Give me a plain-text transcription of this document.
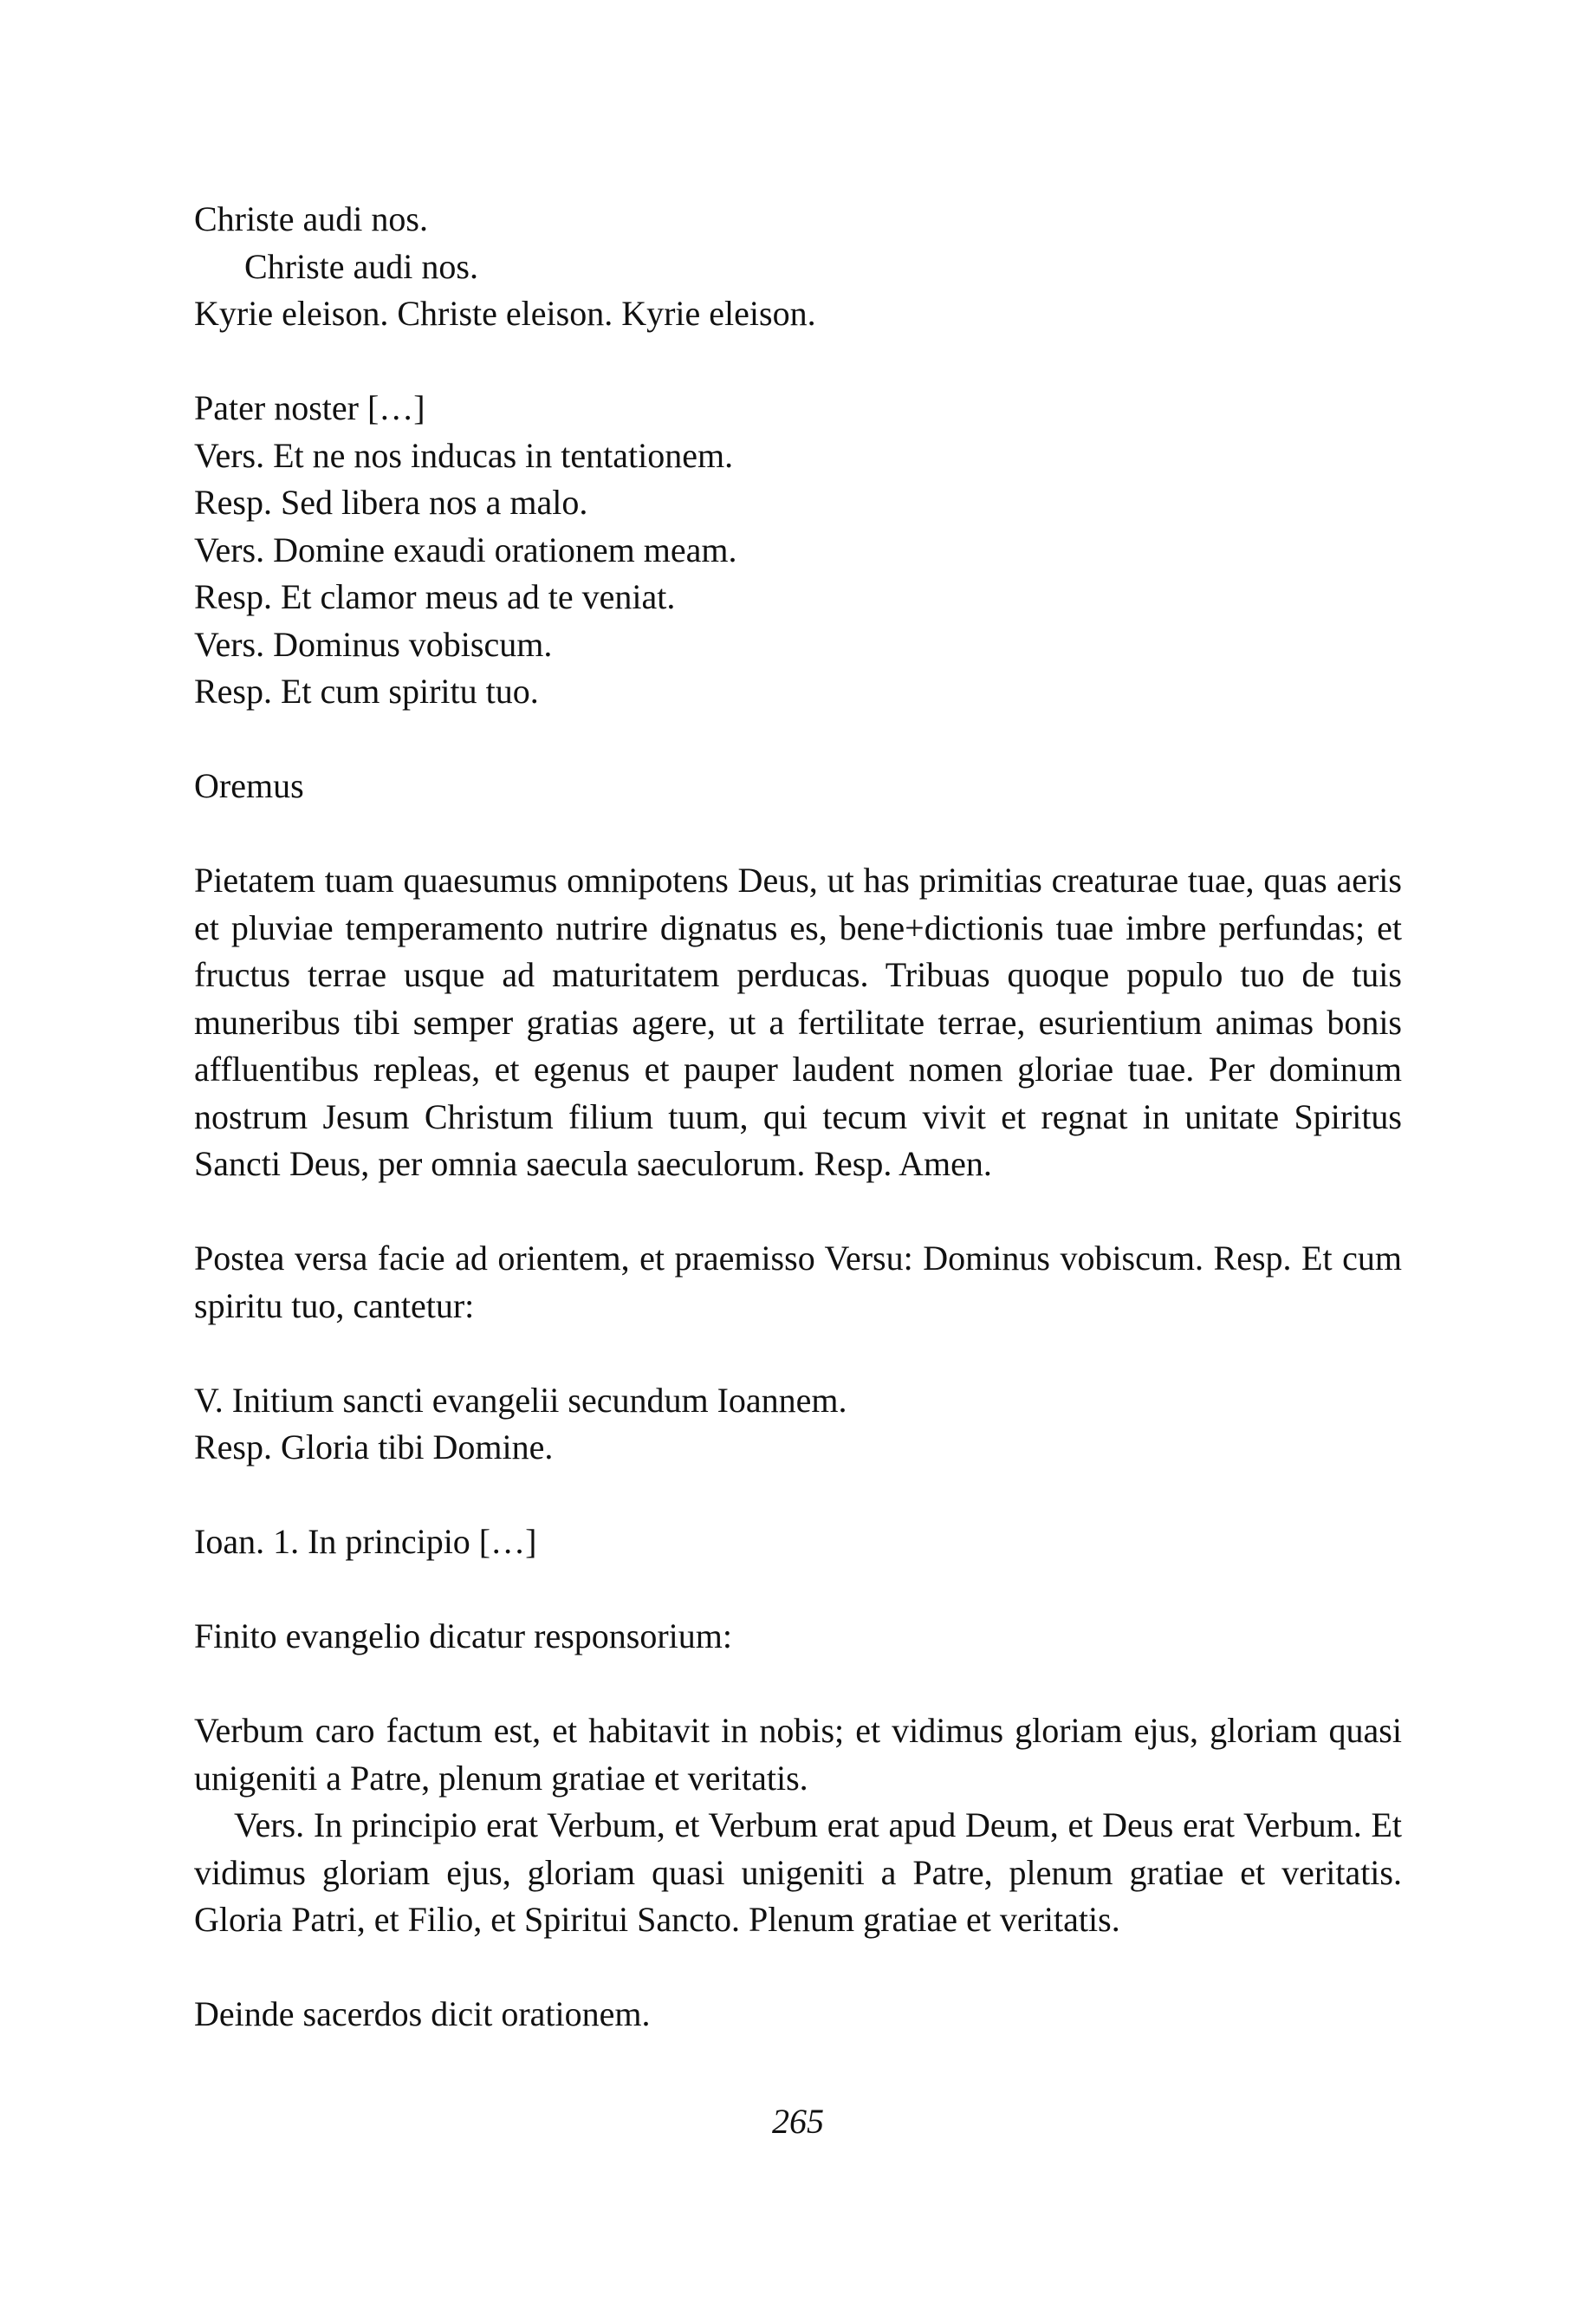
Christe audi nos.
Christe audi nos.
Kyrie eleison. Christe eleison. Kyrie eleison.
Pater noster […]
Vers. Et ne nos inducas in tentationem.
Resp. Sed libera nos a malo.
Vers. Domine exaudi orationem meam.
Resp. Et clamor meus ad te veniat.
Vers. Dominus vobiscum.
Resp. Et cum spiritu tuo.
Oremus
Pietatem tuam quaesumus omnipotens Deus, ut has primitias creaturae tuae, quas aeris et pluviae temperamento nutrire dignatus es, bene+dictionis tuae imbre perfundas; et fructus terrae usque ad maturitatem perducas. Tribuas quoque populo tuo de tuis muneribus tibi semper gratias agere, ut a fertilitate terrae, esurientium animas bonis affluentibus repleas, et egenus et pauper laudent nomen gloriae tuae. Per dominum nostrum Jesum Christum filium tuum, qui tecum vivit et regnat in unitate Spiritus Sancti Deus, per omnia saecula saeculorum. Resp. Amen.
Postea versa facie ad orientem, et praemisso Versu: Dominus vobiscum. Resp. Et cum spiritu tuo, cantetur:
V. Initium sancti evangelii secundum Ioannem.
Resp. Gloria tibi Domine.
Ioan. 1. In principio […]
Finito evangelio dicatur responsorium:
Verbum caro factum est, et habitavit in nobis; et vidimus gloriam ejus, gloriam quasi unigeniti a Patre, plenum gratiae et veritatis.
Vers. In principio erat Verbum, et Verbum erat apud Deum, et Deus erat Verbum. Et vidimus gloriam ejus, gloriam quasi unigeniti a Patre, plenum gratiae et veritatis. Gloria Patri, et Filio, et Spiritui Sancto. Plenum gratiae et veritatis.
Deinde sacerdos dicit orationem.
265
